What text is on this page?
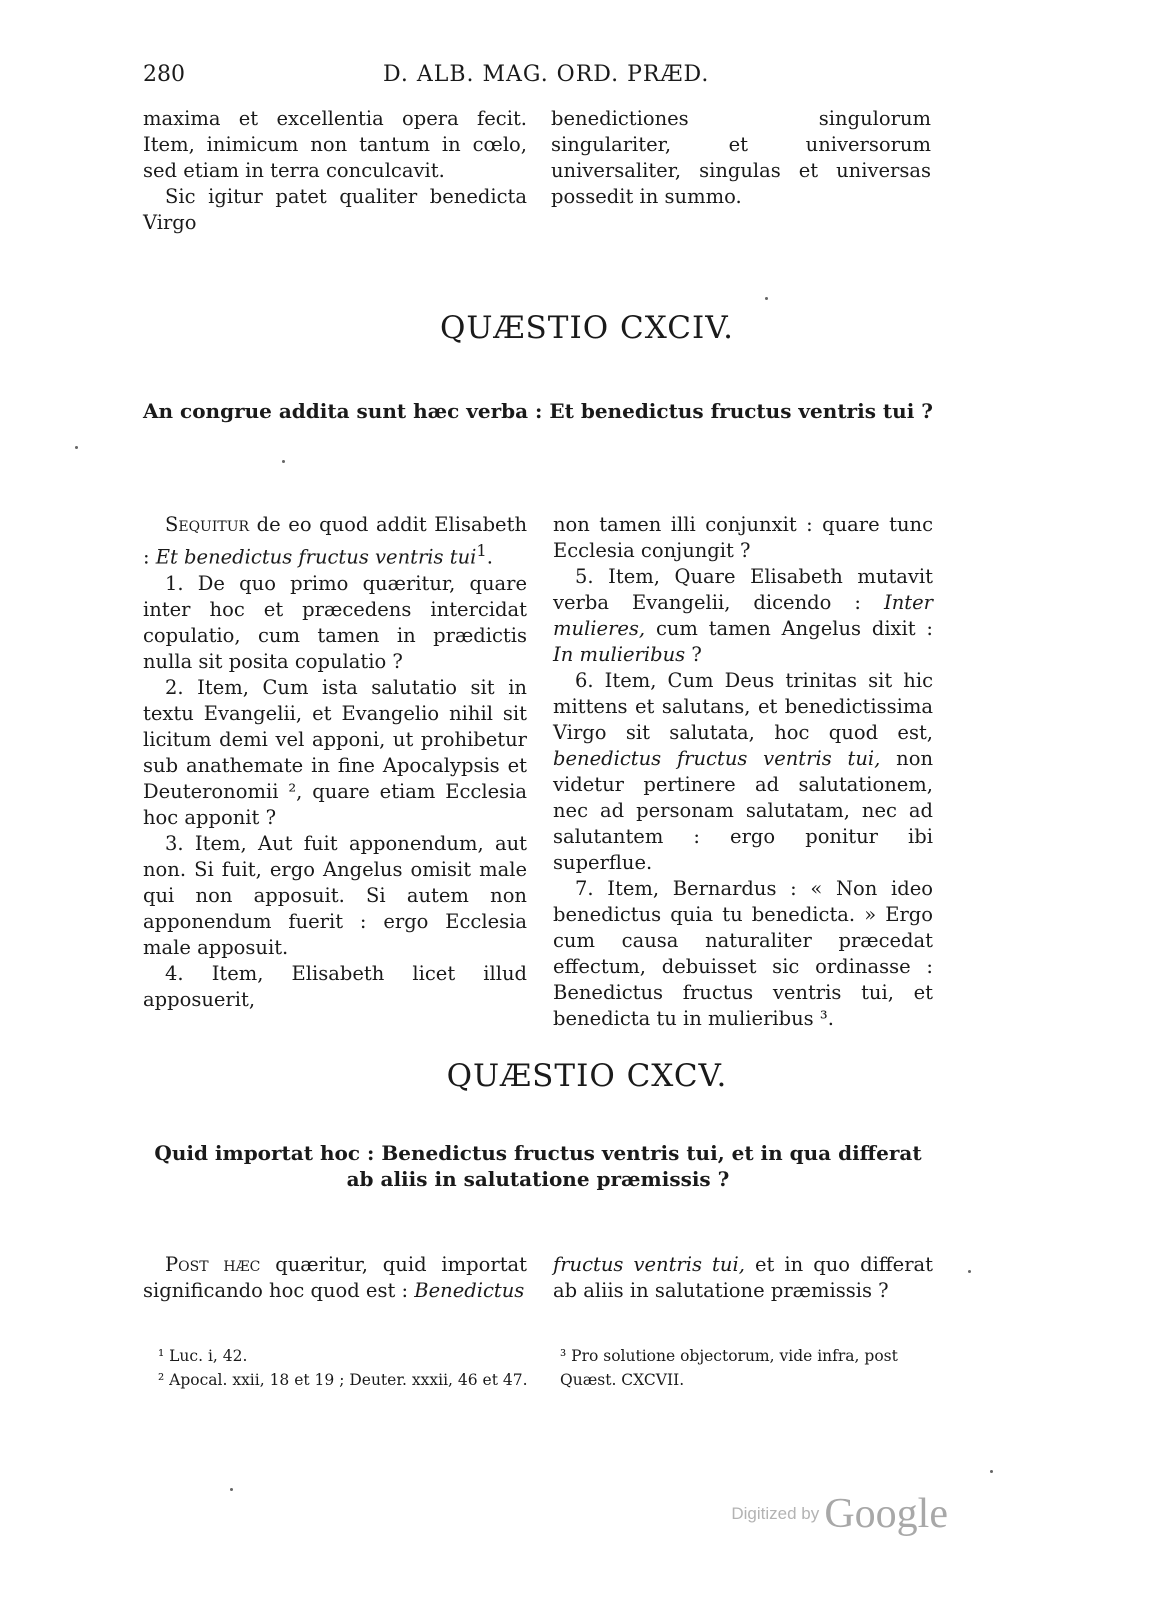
280	D. ALB. MAG. ORD. PRÆD.

maxima et excellentia opera fecit. Item, inimicum non tantum in cœlo, sed etiam in terra conculcavit.

Sic igitur patet qualiter benedicta Virgo

benedictiones singulorum singulariter, et universorum universaliter, singulas et universas possedit in summo.

QUÆSTIO CXCIV.
An congrue addita sunt hæc verba : Et benedictus fructus ventris tui ?

Sequitur de eo quod addit Elisabeth : Et benedictus fructus ventris tui$^1$.

1. De quo primo quæritur, quare inter hoc et præcedens intercidat copulatio, cum tamen in prædictis nulla sit posita copulatio ?

2. Item, Cum ista salutatio sit in textu Evangelii, et Evangelio nihil sit licitum demi vel apponi, ut prohibetur sub anathemate in fine Apocalypsis et Deuteronomii ², quare etiam Ecclesia hoc apponit ?

3. Item, Aut fuit apponendum, aut non. Si fuit, ergo Angelus omisit male qui non apposuit. Si autem non apponendum fuerit : ergo Ecclesia male apposuit.

4. Item, Elisabeth licet illud apposuerit,

non tamen illi conjunxit : quare tunc Ecclesia conjungit ?

5. Item, Quare Elisabeth mutavit verba Evangelii, dicendo : Inter mulieres, cum tamen Angelus dixit : In mulieribus ?

6. Item, Cum Deus trinitas sit hic mittens et salutans, et benedictissima Virgo sit salutata, hoc quod est, benedictus fructus ventris tui, non videtur pertinere ad salutationem, nec ad personam salutatam, nec ad salutantem : ergo ponitur ibi superflue.

7. Item, Bernardus : « Non ideo benedictus quia tu benedicta. » Ergo cum causa naturaliter præcedat effectum, debuisset sic ordinasse : Benedictus fructus ventris tui, et benedicta tu in mulieribus ³.

QUÆSTIO CXCV.
Quid importat hoc : Benedictus fructus ventris tui, et in qua differat ab aliis in salutatione præmissis ?

Post hæc quæritur, quid importat significando hoc quod est : Benedictus

fructus ventris tui, et in quo differat ab aliis in salutatione præmissis ?

¹ Luc. i, 42.

² Apocal. xxii, 18 et 19 ; Deuter. xxxii, 46 et 47.

³ Pro solutione objectorum, vide infra, post Quæst. CXCVII.

Digitized by Google
